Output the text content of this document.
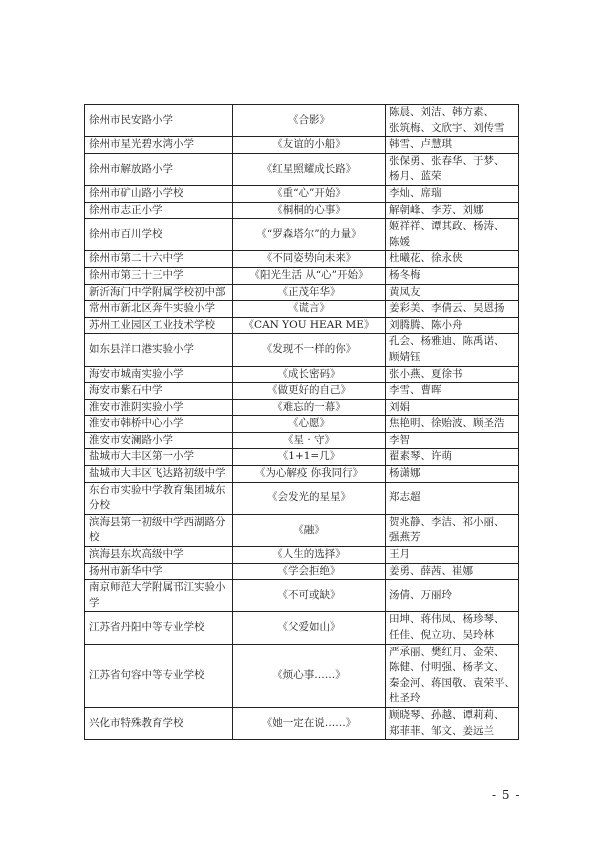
徐州市民安路小学	《合影》	陈晨、刘洁、韩方素、
张筑梅、文欣宇、刘传雪

徐州市星光碧水湾小学	《友谊的小船》	韩雪、卢慧琪

徐州市解放路小学	《红星照耀成长路》	张保勇、张春华、于梦、
杨月、蓝荣

徐州市矿山路小学校	《重“心”开始》	李灿、席瑞

徐州市志正小学	《桐桐的心事》	解朝峰、李芳、刘娜

徐州市百川学校	《“罗森塔尔”的力量》	姬祥祥、谭其政、杨涛、
陈媛

徐州市第二十六中学	《不同姿势向未来》	杜曦花、徐永侠

徐州市第三十三中学	《阳光生活 从“心”开始》	杨冬梅

新沂海门中学附属学校初中部	《正茂年华》	黄凤友

常州市新北区奔牛实验小学	《谎言》	姜彩美、李倩云、吴恩扬

苏州工业园区工业技术学校	《CAN YOU HEAR ME》	刘腾腾、陈小舟

如东县洋口港实验小学	《发现不一样的你》	孔会、杨雅迪、陈禹诺、
顾婧钰

海安市城南实验小学	《成长密码》	张小燕、夏徐书

海安市紫石中学	《做更好的自己》	李雪、曹晖

淮安市淮阴实验小学	《难忘的一幕》	刘娟

淮安市韩桥中心小学	《心愿》	焦艳明、徐贻波、顾圣浩

淮安市安澜路小学	《星 · 守》	李智

盐城市大丰区第一小学	《1+1=几》	翟素琴、许萌

盐城市大丰区飞达路初级中学	《为心解疫 你我同行》	杨潇娜

东台市实验中学教育集团城东
分校	《会发光的星星》	郑志超

滨海县第一初级中学西湖路分
校	《融》	贺兆静、李洁、祁小丽、
强燕芳

滨海县东坎高级中学	《人生的选择》	王月

扬州市新华中学	《学会拒绝》	姜勇、薛茜、崔娜

南京师范大学附属邗江实验小
学	《不可或缺》	汤倩、万丽玲

江苏省丹阳中等专业学校	《父爱如山》	田坤、蒋伟凤、杨珍琴、
任佳、倪立功、吴玲林

江苏省句容中等专业学校	《烦心事……》	严承丽、樊红月、金荣、
陈健、付明强、杨孝文、
秦金河、蒋国敬、袁荣平、
杜圣玲

兴化市特殊教育学校	《她一定在说……》	顾晓琴、孙越、谭莉莉、
郑菲菲、邹文、姜远兰
- 5 -
